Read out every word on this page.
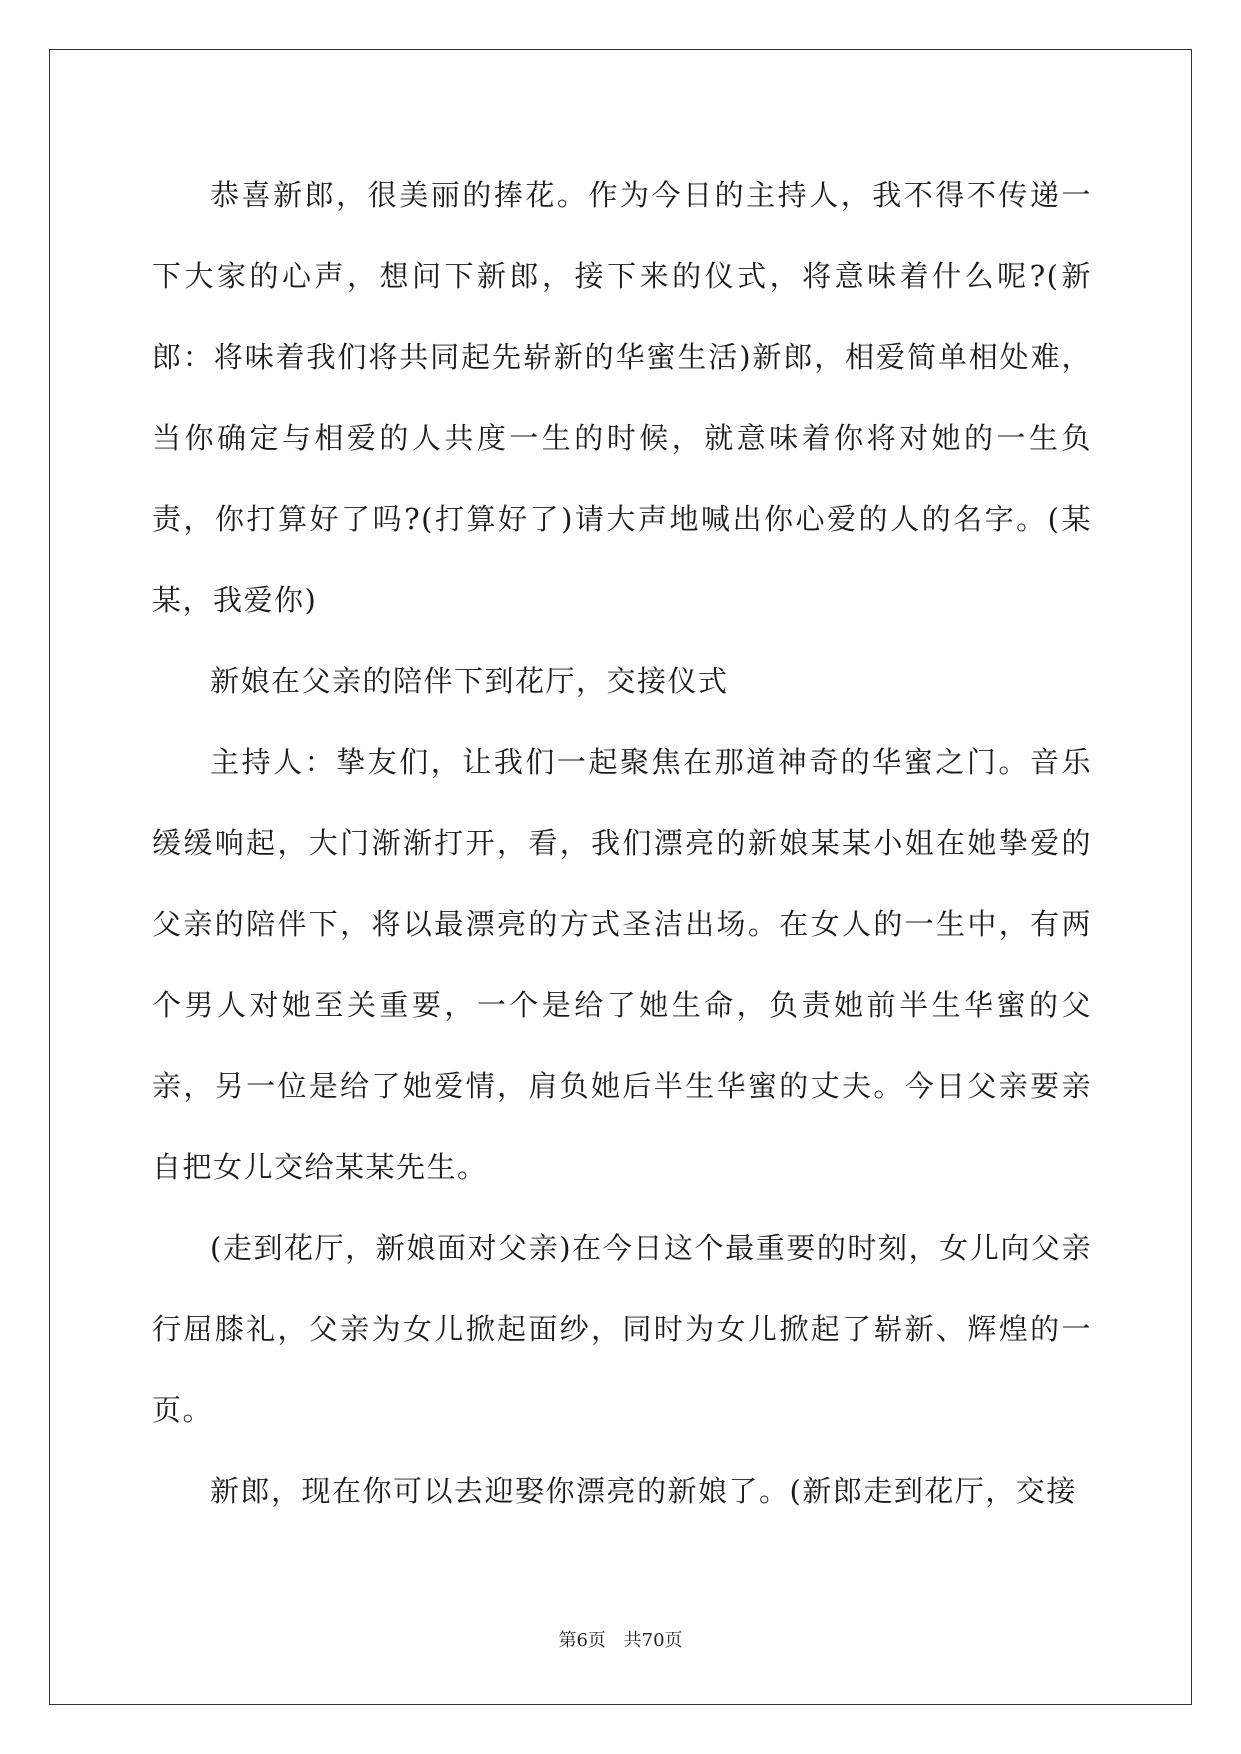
恭喜新郎，很美丽的捧花。作为今日的主持人，我不得不传递一下大家的心声，想问下新郎，接下来的仪式，将意味着什么呢?(新郎：将味着我们将共同起先崭新的华蜜生活)新郎，相爱简单相处难，当你确定与相爱的人共度一生的时候，就意味着你将对她的一生负责，你打算好了吗?(打算好了)请大声地喊出你心爱的人的名字。(某某，我爱你)

新娘在父亲的陪伴下到花厅，交接仪式

主持人：挚友们，让我们一起聚焦在那道神奇的华蜜之门。音乐缓缓响起，大门渐渐打开，看，我们漂亮的新娘某某小姐在她挚爱的父亲的陪伴下，将以最漂亮的方式圣洁出场。在女人的一生中，有两个男人对她至关重要，一个是给了她生命，负责她前半生华蜜的父亲，另一位是给了她爱情，肩负她后半生华蜜的丈夫。今日父亲要亲自把女儿交给某某先生。

(走到花厅，新娘面对父亲)在今日这个最重要的时刻，女儿向父亲行屈膝礼，父亲为女儿掀起面纱，同时为女儿掀起了崭新、辉煌的一页。

新郎，现在你可以去迎娶你漂亮的新娘了。(新郎走到花厅，交接

第6页 共70页
